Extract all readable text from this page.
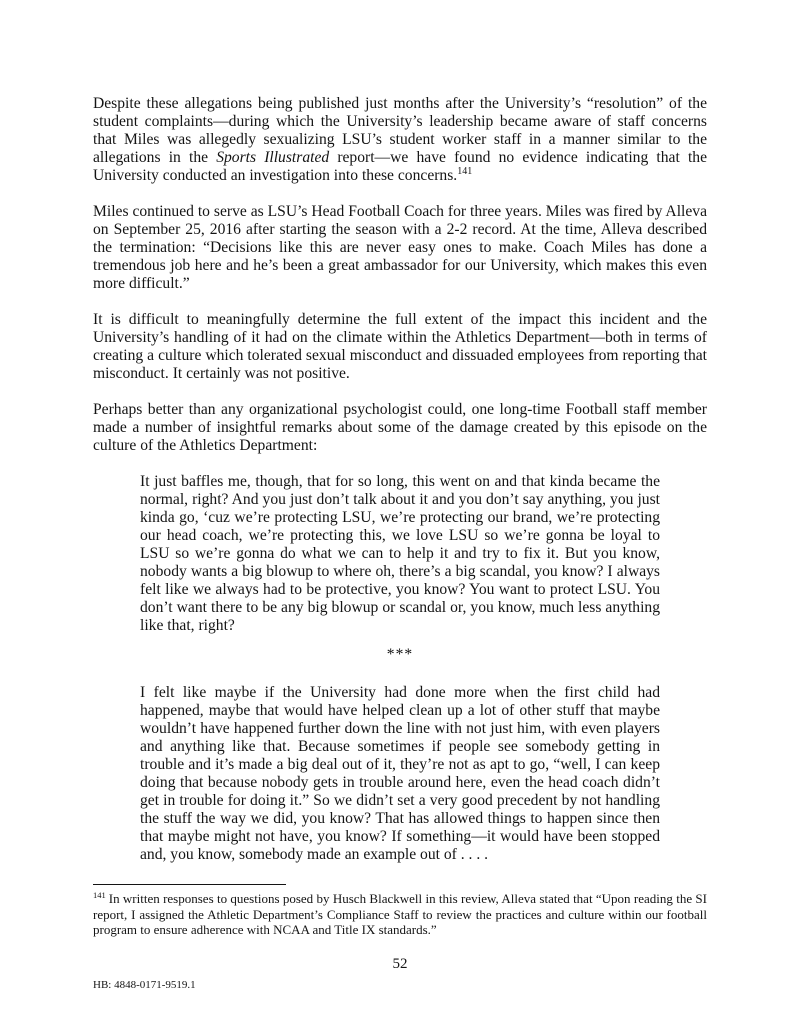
Despite these allegations being published just months after the University’s “resolution” of the student complaints—during which the University’s leadership became aware of staff concerns that Miles was allegedly sexualizing LSU’s student worker staff in a manner similar to the allegations in the Sports Illustrated report—we have found no evidence indicating that the University conducted an investigation into these concerns.$^{141}$

Miles continued to serve as LSU’s Head Football Coach for three years. Miles was fired by Alleva on September 25, 2016 after starting the season with a 2-2 record. At the time, Alleva described the termination: “Decisions like this are never easy ones to make. Coach Miles has done a tremendous job here and he’s been a great ambassador for our University, which makes this even more difficult.”

It is difficult to meaningfully determine the full extent of the impact this incident and the University’s handling of it had on the climate within the Athletics Department—both in terms of creating a culture which tolerated sexual misconduct and dissuaded employees from reporting that misconduct. It certainly was not positive.

Perhaps better than any organizational psychologist could, one long-time Football staff member made a number of insightful remarks about some of the damage created by this episode on the culture of the Athletics Department:

It just baffles me, though, that for so long, this went on and that kinda became the normal, right? And you just don’t talk about it and you don’t say anything, you just kinda go, ‘cuz we’re protecting LSU, we’re protecting our brand, we’re protecting our head coach, we’re protecting this, we love LSU so we’re gonna be loyal to LSU so we’re gonna do what we can to help it and try to fix it. But you know, nobody wants a big blowup to where oh, there’s a big scandal, you know? I always felt like we always had to be protective, you know? You want to protect LSU. You don’t want there to be any big blowup or scandal or, you know, much less anything like that, right?
***
I felt like maybe if the University had done more when the first child had happened, maybe that would have helped clean up a lot of other stuff that maybe wouldn’t have happened further down the line with not just him, with even players and anything like that. Because sometimes if people see somebody getting in trouble and it’s made a big deal out of it, they’re not as apt to go, “well, I can keep doing that because nobody gets in trouble around here, even the head coach didn’t get in trouble for doing it.” So we didn’t set a very good precedent by not handling the stuff the way we did, you know? That has allowed things to happen since then that maybe might not have, you know? If something—it would have been stopped and, you know, somebody made an example out of . . . .

$^{141}$ In written responses to questions posed by Husch Blackwell in this review, Alleva stated that “Upon reading the SI report, I assigned the Athletic Department’s Compliance Staff to review the practices and culture within our football program to ensure adherence with NCAA and Title IX standards.”

52
HB: 4848-0171-9519.1
